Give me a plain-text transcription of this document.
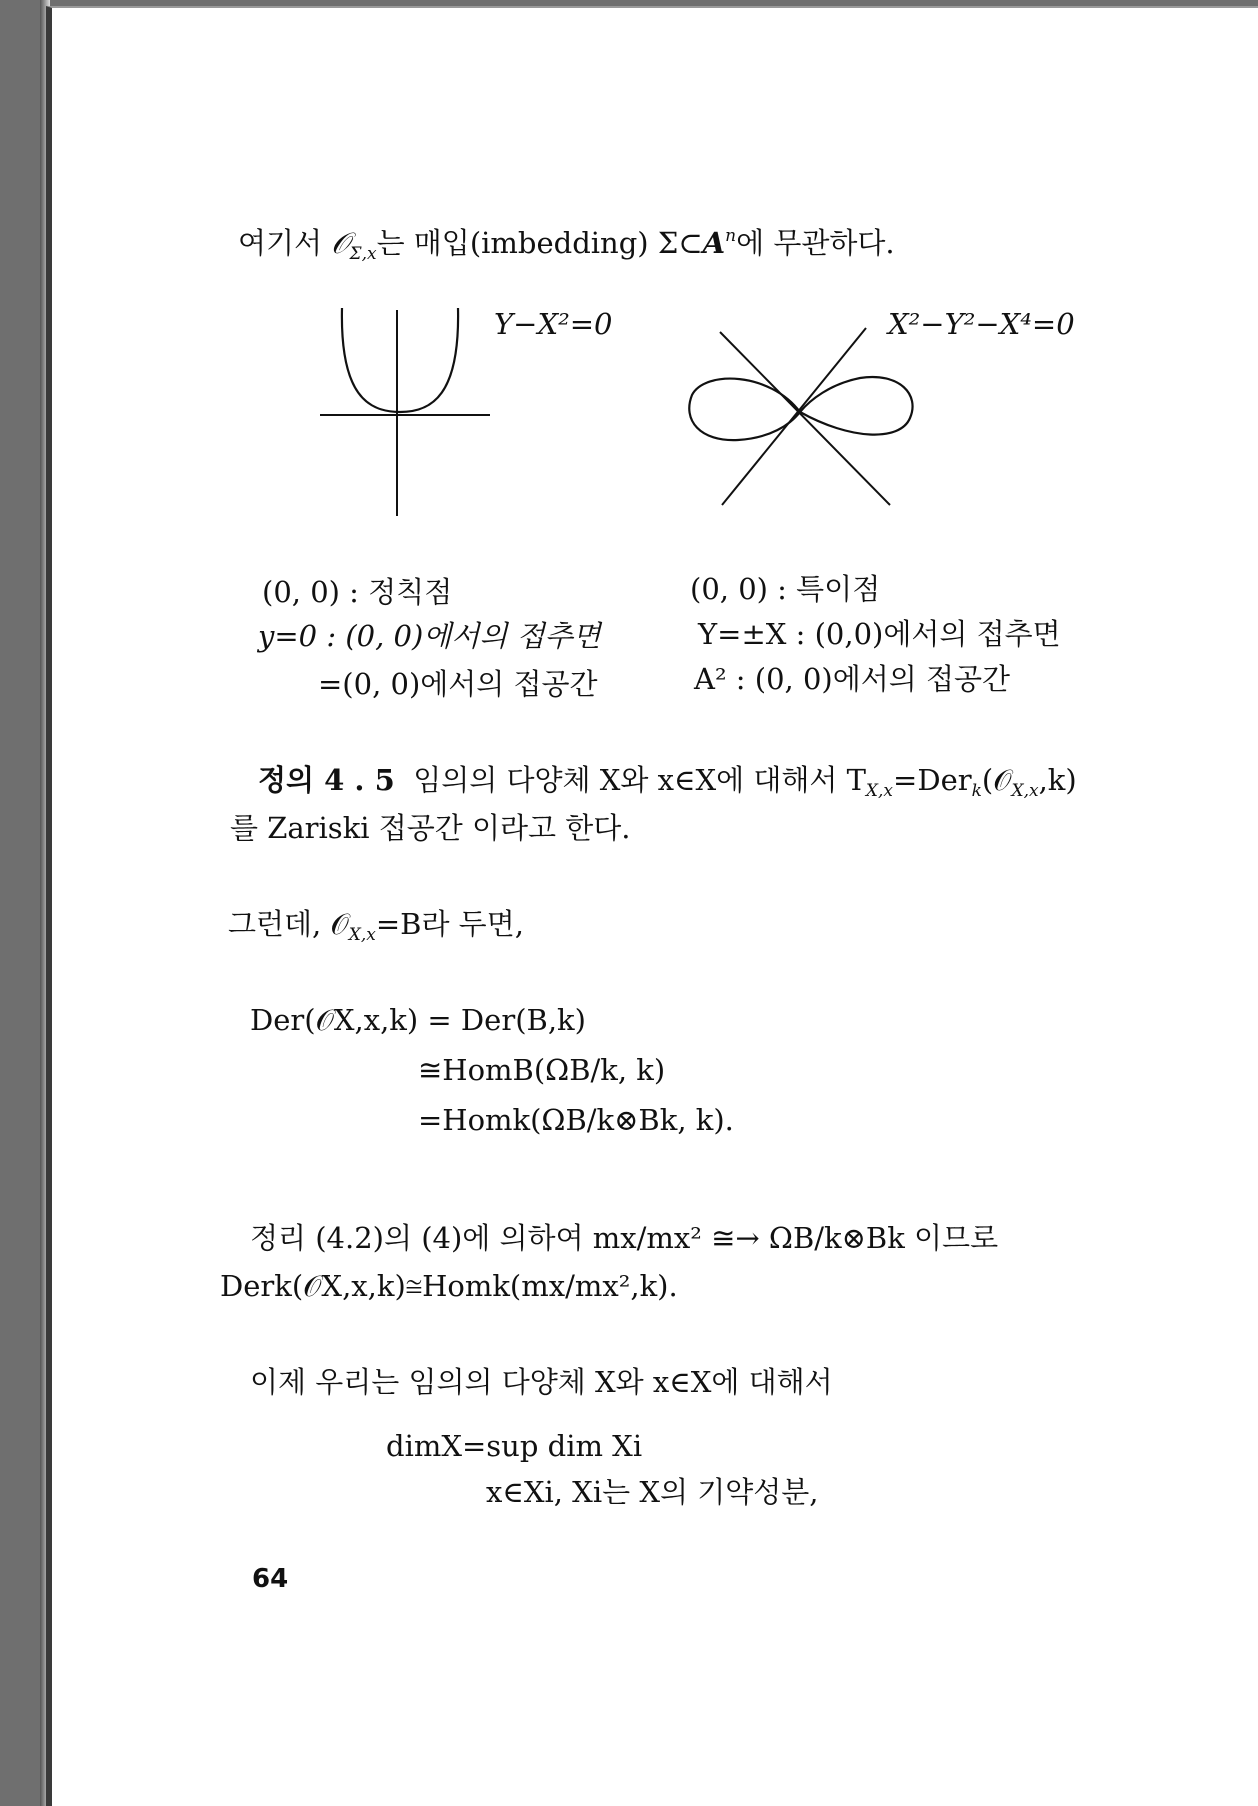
여기서 𝒪$_{\Sigma,x}$는 매입(imbedding) $\Sigma\subset A^n$에 무관하다.
Y−X²=0	X²−Y²−X⁴=0
(0, 0) : 정칙점
y=0 : (0, 0)에서의 접추면
=(0, 0)에서의 접공간
(0, 0) : 특이점
Y=±X : (0,0)에서의 접추면
A² : (0, 0)에서의 접공간
정의 4 . 5 임의의 다양체 X와 x∈X에 대해서 $T_{X,x}=Der_k(𝒪_{X,x},k)$
를 Zariski 접공간 이라고 한다.
그런데, 𝒪$_{X,x}$=B라 두면,
Der(𝒪X,x,k) = Der(B,k)
≅HomB(ΩB/k, k)
=Homk(ΩB/k⊗Bk, k).
정리 (4.2)의 (4)에 의하여 mx/mx² ≅→ ΩB/k⊗Bk 이므로
Derk(𝒪X,x,k)≅Homk(mx/mx²,k).
이제 우리는 임의의 다양체 X와 x∈X에 대해서
dimX=sup dim Xi
x∈Xi, Xi는 X의 기약성분,
64
